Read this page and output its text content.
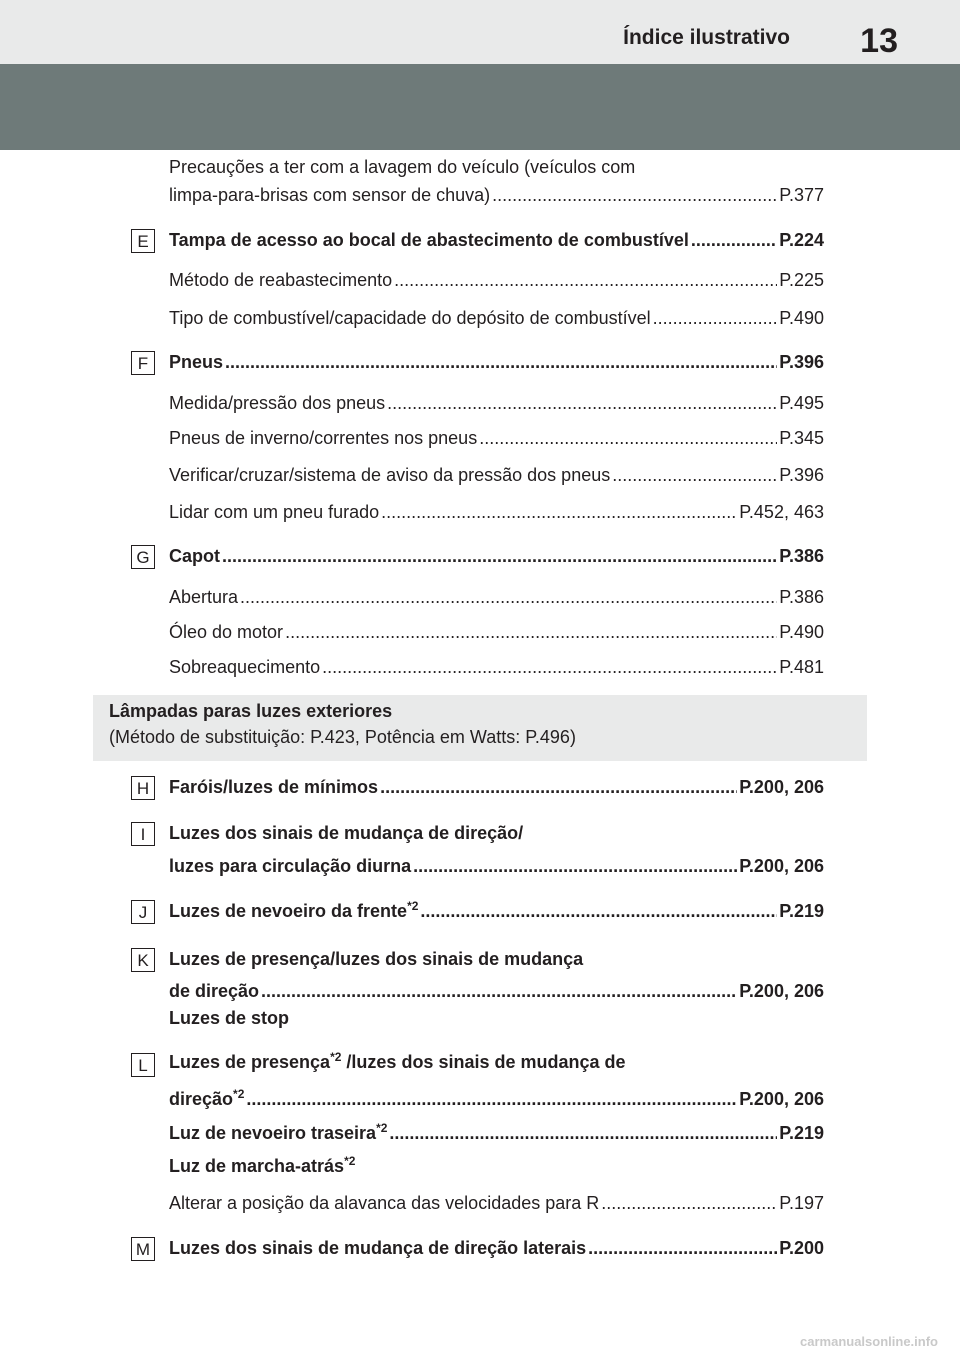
Índice ilustrativo 13
Precauções a ter com a lavagem do veículo (veículos com
limpa-para-brisas com sensor de chuva) .....	P.377
E	Tampa de acesso ao bocal de abastecimento de combustível .....	P.224
Método de reabastecimento .....	P.225
Tipo de combustível/capacidade do depósito de combustível .....	P.490
F	Pneus .....	P.396
Medida/pressão dos pneus .....	P.495
Pneus de inverno/correntes nos pneus .....	P.345
Verificar/cruzar/sistema de aviso da pressão dos pneus .....	P.396
Lidar com um pneu furado .....	P.452, 463
G Capot .....	P.386
Abertura .....	P.386
Óleo do motor .....	P.490
Sobreaquecimento .....	P.481
Lâmpadas paras luzes exteriores
(Método de substituição: P.423, Potência em Watts: P.496)
H	Faróis/luzes de mínimos .....	P.200, 206
I	Luzes dos sinais de mudança de direção/
luzes para circulação diurna .....	P.200, 206
J	Luzes de nevoeiro da frente$^{*2}$ .....	P.219
K	Luzes de presença/luzes dos sinais de mudança
de direção .....	P.200, 206
Luzes de stop
L	Luzes de presença$^{*2}$ /luzes dos sinais de mudança de
direção$^{*2}$ .....	P.200, 206
Luz de nevoeiro traseira$^{*2}$ .....	P.219
Luz de marcha-atrás$^{*2}$
Alterar a posição da alavanca das velocidades para R .....	P.197
M Luzes dos sinais de mudança de direção laterais .....	P.200
carmanualsonline.info
